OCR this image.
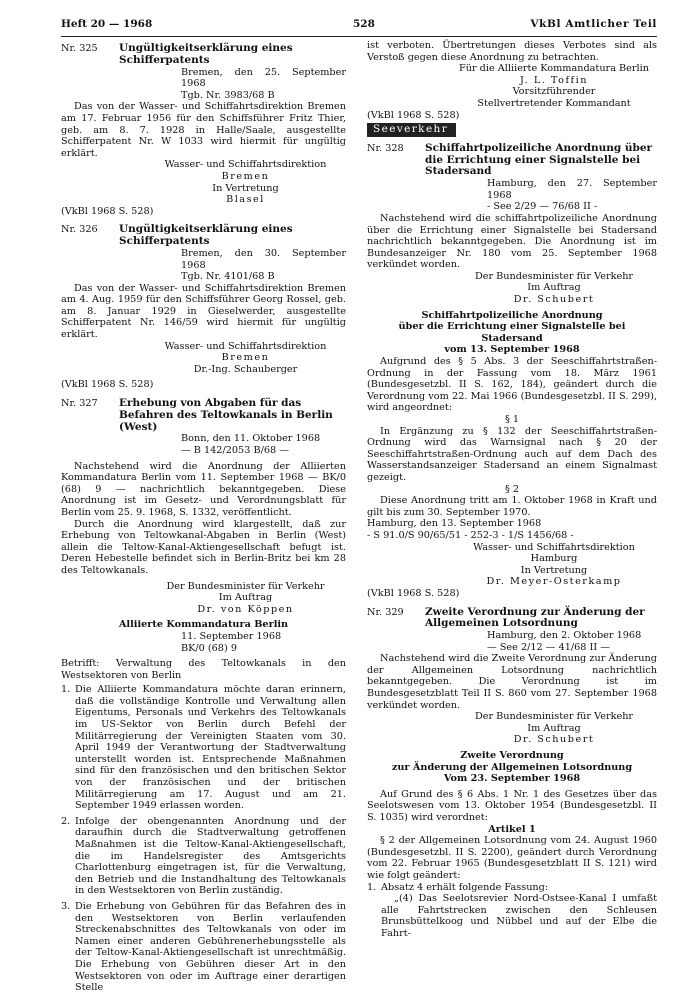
Heft 20 — 1968	528	VkBl Amtlicher Teil
Nr. 325	Ungültigkeitserklärung eines Schifferpatents

Bremen, den 25. September 1968

Tgb. Nr. 3983/68 B

Das von der Wasser- und Schiffahrtsdirektion Bremen am 17. Februar 1956 für den Schiffsführer Fritz Thier, geb. am 8. 7. 1928 in Halle/Saale, ausgestellte Schifferpatent Nr. W 1033 wird hiermit für ungültig erklärt.

Wasser- und Schiffahrtsdirektion

Bremen

In Vertretung

Blasel

(VkBl 1968 S. 528)

Nr. 326	Ungültigkeitserklärung eines Schifferpatents

Bremen, den 30. September 1968

Tgb. Nr. 4101/68 B

Das von der Wasser- und Schiffahrtsdirektion Bremen am 4. Aug. 1959 für den Schiffsführer Georg Rossel, geb. am 8. Januar 1929 in Gieselwerder, ausgestellte Schifferpatent Nr. 146/59 wird hiermit für ungültig erklärt.

Wasser- und Schiffahrtsdirektion

Bremen

Dr.-Ing. Schauberger

(VkBl 1968 S. 528)

Nr. 327	Erhebung von Abgaben für das Befahren des Teltowkanals in Berlin (West)

Bonn, den 11. Oktober 1968

— B 142/2053 B/68 —

Nachstehend wird die Anordnung der Alliierten Kommandatura Berlin vom 11. September 1968 — BK/0 (68) 9 — nachrichtlich bekanntgegeben. Diese Anordnung ist im Gesetz- und Verordnungsblatt für Berlin vom 25. 9. 1968, S. 1332, veröffentlicht.

Durch die Anordnung wird klargestellt, daß zur Erhebung von Teltowkanal-Abgaben in Berlin (West) allein die Teltow-Kanal-Aktiengesellschaft befugt ist. Deren Hebestelle befindet sich in Berlin-Britz bei km 28 des Teltowkanals.

Der Bundesminister für Verkehr

Im Auftrag

Dr. von Köppen

Alliierte Kommandatura Berlin

11. September 1968

BK/0 (68) 9

Betrifft: Verwaltung des Teltowkanals in den Westsektoren von Berlin

1. Die Alliierte Kommandatura möchte daran erinnern, daß die vollständige Kontrolle und Verwaltung allen Eigentums, Personals und Verkehrs des Teltowkanals im US-Sektor von Berlin durch Befehl der Militärregierung der Vereinigten Staaten vom 30. April 1949 der Verantwortung der Stadtverwaltung unterstellt worden ist. Entsprechende Maßnahmen sind für den französischen und den britischen Sektor von der französischen und der britischen Militärregierung am 17. August und am 21. September 1949 erlassen worden.
2. Infolge der obengenannten Anordnung und der daraufhin durch die Stadtverwaltung getroffenen Maßnahmen ist die Teltow-Kanal-Aktiengesellschaft, die im Handelsregister des Amtsgerichts Charlottenburg eingetragen ist, für die Verwaltung, den Betrieb und die Instandhaltung des Teltowkanals in den Westsektoren von Berlin zuständig.
3. Die Erhebung von Gebühren für das Befahren des in den Westsektoren von Berlin verlaufenden Streckenabschnittes des Teltowkanals von oder im Namen einer anderen Gebührenerhebungsstelle als der Teltow-Kanal-Aktiengesellschaft ist unrechtmäßig. Die Erhebung von Gebühren dieser Art in den Westsektoren von oder im Auftrage einer derartigen Stelle

ist verboten. Übertretungen dieses Verbotes sind als Verstoß gegen diese Anordnung zu betrachten.

Für die Alliierte Kommandatura Berlin

J. L. Toffin

Vorsitzführender

Stellvertretender Kommandant

(VkBl 1968 S. 528)

Seeverkehr
Nr. 328	Schiffahrtpolizeiliche Anordnung über die Errichtung einer Signalstelle bei Stadersand

Hamburg, den 27. September 1968

- See 2/29 — 76/68 II -

Nachstehend wird die schiffahrtpolizeiliche Anordnung über die Errichtung einer Signalstelle bei Stadersand nachrichtlich bekanntgegeben. Die Anordnung ist im Bundesanzeiger Nr. 180 vom 25. September 1968 verkündet worden.

Der Bundesminister für Verkehr

Im Auftrag

Dr. Schubert

Schiffahrtpolizeiliche Anordnung

über die Errichtung einer Signalstelle bei Stadersand

vom 13. September 1968

Aufgrund des § 5 Abs. 3 der Seeschiffahrtstraßen-Ordnung in der Fassung vom 18. März 1961 (Bundesgesetzbl. II S. 162, 184), geändert durch die Verordnung vom 22. Mai 1966 (Bundesgesetzbl. II S. 299), wird angeordnet:

§ 1

In Ergänzung zu § 132 der Seeschiffahrtstraßen-Ordnung wird das Warnsignal nach § 20 der Seeschiffahrtstraßen-Ordnung auch auf dem Dach des Wasserstandsanzeiger Stadersand an einem Signalmast gezeigt.

§ 2

Diese Anordnung tritt am 1. Oktober 1968 in Kraft und gilt bis zum 30. September 1970.

Hamburg, den 13. September 1968

- S 91.0/S 90/65/51 - 252-3 - 1/S 1456/68 -

Wasser- und Schiffahrtsdirektion

Hamburg

In Vertretung

Dr. Meyer-Osterkamp

(VkBl 1968 S. 528)

Nr. 329	Zweite Verordnung zur Änderung der Allgemeinen Lotsordnung

Hamburg, den 2. Oktober 1968

— See 2/12 — 41/68 II —

Nachstehend wird die Zweite Verordnung zur Änderung der Allgemeinen Lotsordnung nachrichtlich bekanntgegeben. Die Verordnung ist im Bundesgesetzblatt Teil II S. 860 vom 27. September 1968 verkündet worden.

Der Bundesminister für Verkehr

Im Auftrag

Dr. Schubert

Zweite Verordnung

zur Änderung der Allgemeinen Lotsordnung

Vom 23. September 1968

Auf Grund des § 6 Abs. 1 Nr. 1 des Gesetzes über das Seelotswesen vom 13. Oktober 1954 (Bundesgesetzbl. II S. 1035) wird verordnet:

Artikel 1

§ 2 der Allgemeinen Lotsordnung vom 24. August 1960 (Bundesgesetzbl. II S. 2200), geändert durch Verordnung vom 22. Februar 1965 (Bundesgesetzblatt II S. 121) wird wie folgt geändert:

1. Absatz 4 erhält folgende Fassung:

„(4) Das Seelotsrevier Nord-Ostsee-Kanal I umfaßt alle Fahrtstrecken zwischen den Schleusen Brunsbüttelkoog und Nübbel und auf der Elbe die Fahrt-
